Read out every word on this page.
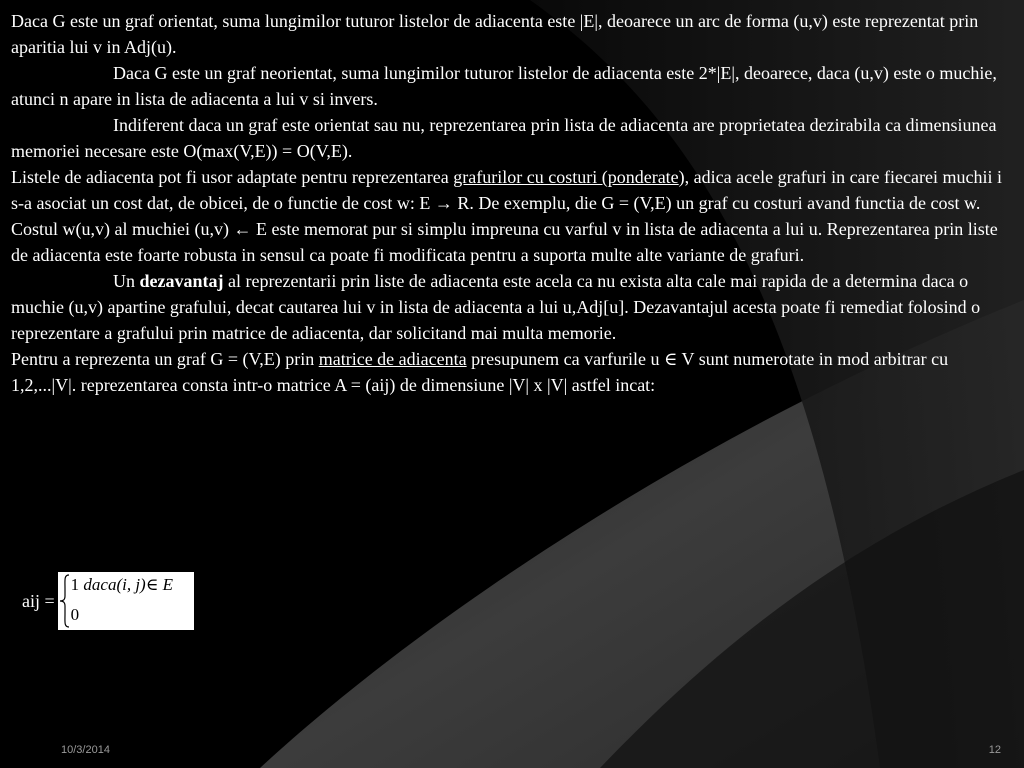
Daca G este un graf orientat, suma lungimilor tuturor listelor de adiacenta este |E|, deoarece un arc de forma (u,v) este reprezentat prin aparitia lui v in Adj(u).

Daca G este un graf neorientat, suma lungimilor tuturor listelor de adiacenta este 2*|E|, deoarece, daca (u,v) este o muchie, atunci n apare in lista de adiacenta a lui v si invers.

Indiferent daca un graf este orientat sau nu, reprezentarea prin lista de adiacenta are proprietatea dezirabila ca dimensiunea memoriei necesare este O(max(V,E)) = O(V,E).

Listele de adiacenta pot fi usor adaptate pentru reprezentarea grafurilor cu costuri (ponderate), adica acele grafuri in care fiecarei muchii i s-a asociat un cost dat, de obicei, de o functie de cost w: E → R. De exemplu, die G = (V,E) un graf cu costuri avand functia de cost w. Costul w(u,v) al muchiei (u,v) ← E este memorat pur si simplu impreuna cu varful v in lista de adiacenta a lui u. Reprezentarea prin liste de adiacenta este foarte robusta in sensul ca poate fi modificata pentru a suporta multe alte variante de grafuri.

Un dezavantaj al reprezentarii prin liste de adiacenta este acela ca nu exista alta cale mai rapida de a determina daca o muchie (u,v) apartine grafului, decat cautarea lui v in lista de adiacenta a lui u,Adj[u]. Dezavantajul acesta poate fi remediat folosind o reprezentare a grafului prin matrice de adiacenta, dar solicitand mai multa memorie.

Pentru a reprezenta un graf G = (V,E) prin matrice de adiacenta presupunem ca varfurile u ∈ V sunt numerotate in mod arbitrar cu 1,2,...|V|. reprezentarea consta intr-o matrice A = (aij) de dimensiune |V| x |V| astfel incat:

aij =
1 daca(i, j)∈ E
0
10/3/2014	12
